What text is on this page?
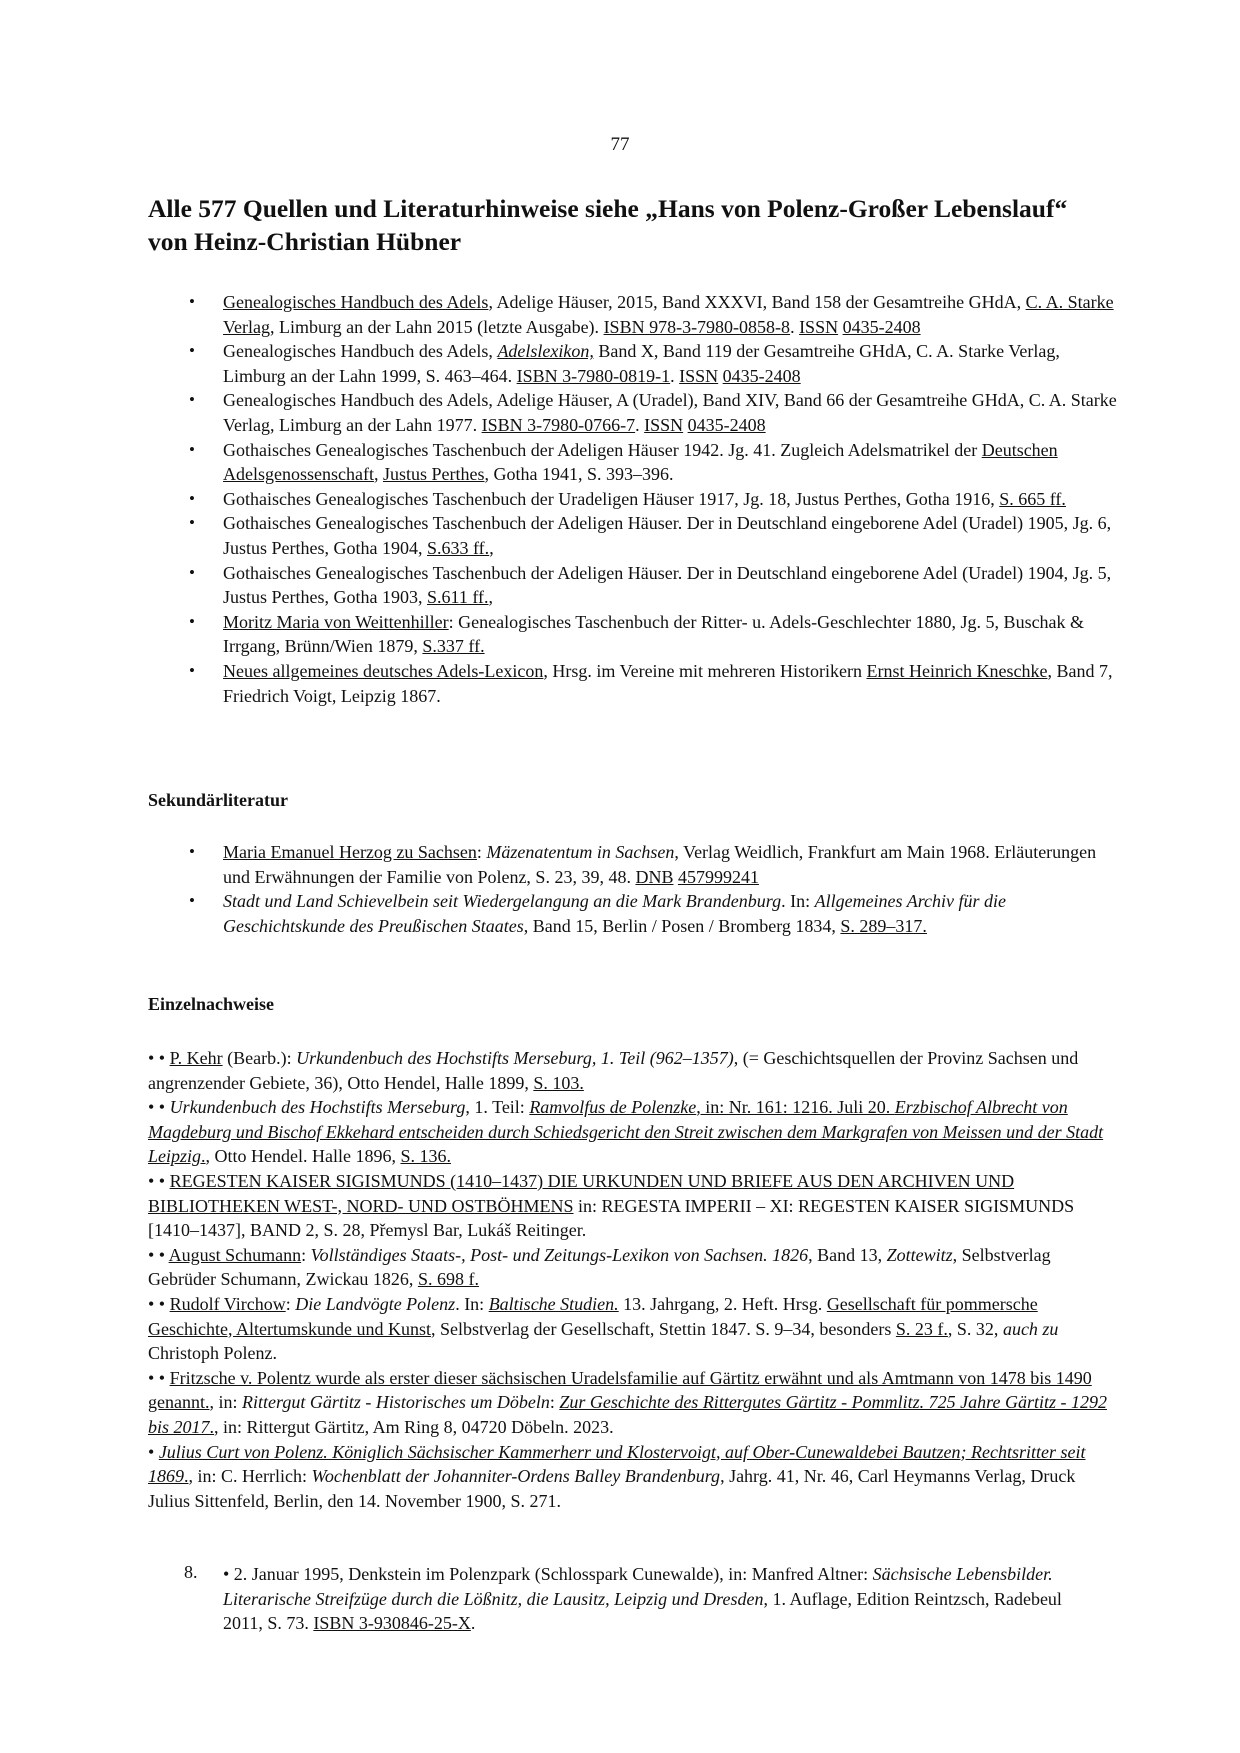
77
Alle 577 Quellen und Literaturhinweise siehe „Hans von Polenz-Großer Lebenslauf“ von Heinz-Christian Hübner
• Genealogisches Handbuch des Adels, Adelige Häuser, 2015, Band XXXVI, Band 158 der Gesamtreihe GHdA, C. A. Starke Verlag, Limburg an der Lahn 2015 (letzte Ausgabe). ISBN 978-3-7980-0858-8. ISSN 0435-2408
• Genealogisches Handbuch des Adels, Adelslexikon, Band X, Band 119 der Gesamtreihe GHdA, C. A. Starke Verlag, Limburg an der Lahn 1999, S. 463–464. ISBN 3-7980-0819-1. ISSN 0435-2408
• Genealogisches Handbuch des Adels, Adelige Häuser, A (Uradel), Band XIV, Band 66 der Gesamtreihe GHdA, C. A. Starke Verlag, Limburg an der Lahn 1977. ISBN 3-7980-0766-7. ISSN 0435-2408
• Gothaisches Genealogisches Taschenbuch der Adeligen Häuser 1942. Jg. 41. Zugleich Adelsmatrikel der Deutschen Adelsgenossenschaft, Justus Perthes, Gotha 1941, S. 393–396.
• Gothaisches Genealogisches Taschenbuch der Uradeligen Häuser 1917, Jg. 18, Justus Perthes, Gotha 1916, S. 665 ff.
• Gothaisches Genealogisches Taschenbuch der Adeligen Häuser. Der in Deutschland eingeborene Adel (Uradel) 1905, Jg. 6, Justus Perthes, Gotha 1904, S.633 ff.,
• Gothaisches Genealogisches Taschenbuch der Adeligen Häuser. Der in Deutschland eingeborene Adel (Uradel) 1904, Jg. 5, Justus Perthes, Gotha 1903, S.611 ff.,
• Moritz Maria von Weittenhiller: Genealogisches Taschenbuch der Ritter- u. Adels-Geschlechter 1880, Jg. 5, Buschak & Irrgang, Brünn/Wien 1879, S.337 ff.
• Neues allgemeines deutsches Adels-Lexicon, Hrsg. im Vereine mit mehreren Historikern Ernst Heinrich Kneschke, Band 7, Friedrich Voigt, Leipzig 1867.
Sekundärliteratur
• Maria Emanuel Herzog zu Sachsen: Mäzenatentum in Sachsen, Verlag Weidlich, Frankfurt am Main 1968. Erläuterungen und Erwähnungen der Familie von Polenz, S. 23, 39, 48. DNB 457999241
• Stadt und Land Schievelbein seit Wiedergelangung an die Mark Brandenburg. In: Allgemeines Archiv für die Geschichtskunde des Preußischen Staates, Band 15, Berlin / Posen / Bromberg 1834, S. 289–317.
Einzelnachweise

• • P. Kehr (Bearb.): Urkundenbuch des Hochstifts Merseburg, 1. Teil (962–1357), (= Geschichtsquellen der Provinz Sachsen und angrenzender Gebiete, 36), Otto Hendel, Halle 1899, S. 103.

• • Urkundenbuch des Hochstifts Merseburg, 1. Teil: Ramvolfus de Polenzke, in: Nr. 161: 1216. Juli 20. Erzbischof Albrecht von Magdeburg und Bischof Ekkehard entscheiden durch Schiedsgericht den Streit zwischen dem Markgrafen von Meissen und der Stadt Leipzig., Otto Hendel. Halle 1896, S. 136.

• • REGESTEN KAISER SIGISMUNDS (1410–1437) DIE URKUNDEN UND BRIEFE AUS DEN ARCHIVEN UND BIBLIOTHEKEN WEST-, NORD- UND OSTBÖHMENS in: REGESTA IMPERII – XI: REGESTEN KAISER SIGISMUNDS [1410–1437], BAND 2, S. 28, Přemysl Bar, Lukáš Reitinger.

• • August Schumann: Vollständiges Staats-, Post- und Zeitungs-Lexikon von Sachsen. 1826, Band 13, Zottewitz, Selbstverlag Gebrüder Schumann, Zwickau 1826, S. 698 f.

• • Rudolf Virchow: Die Landvögte Polenz. In: Baltische Studien. 13. Jahrgang, 2. Heft. Hrsg. Gesellschaft für pommersche Geschichte, Altertumskunde und Kunst, Selbstverlag der Gesellschaft, Stettin 1847. S. 9–34, besonders S. 23 f., S. 32, auch zu Christoph Polenz.

• • Fritzsche v. Polentz wurde als erster dieser sächsischen Uradelsfamilie auf Gärtitz erwähnt und als Amtmann von 1478 bis 1490 genannt., in: Rittergut Gärtitz - Historisches um Döbeln: Zur Geschichte des Rittergutes Gärtitz - Pommlitz. 725 Jahre Gärtitz - 1292 bis 2017., in: Rittergut Gärtitz, Am Ring 8, 04720 Döbeln. 2023.

• Julius Curt von Polenz. Königlich Sächsischer Kammerherr und Klostervoigt, auf Ober-Cunewaldebei Bautzen; Rechtsritter seit 1869., in: C. Herrlich: Wochenblatt der Johanniter-Ordens Balley Brandenburg, Jahrg. 41, Nr. 46, Carl Heymanns Verlag, Druck Julius Sittenfeld, Berlin, den 14. November 1900, S. 271.

8. • 2. Januar 1995, Denkstein im Polenzpark (Schlosspark Cunewalde), in: Manfred Altner: Sächsische Lebensbilder. Literarische Streifzüge durch die Lößnitz, die Lausitz, Leipzig und Dresden, 1. Auflage, Edition Reintzsch, Radebeul 2011, S. 73. ISBN 3-930846-25-X.
